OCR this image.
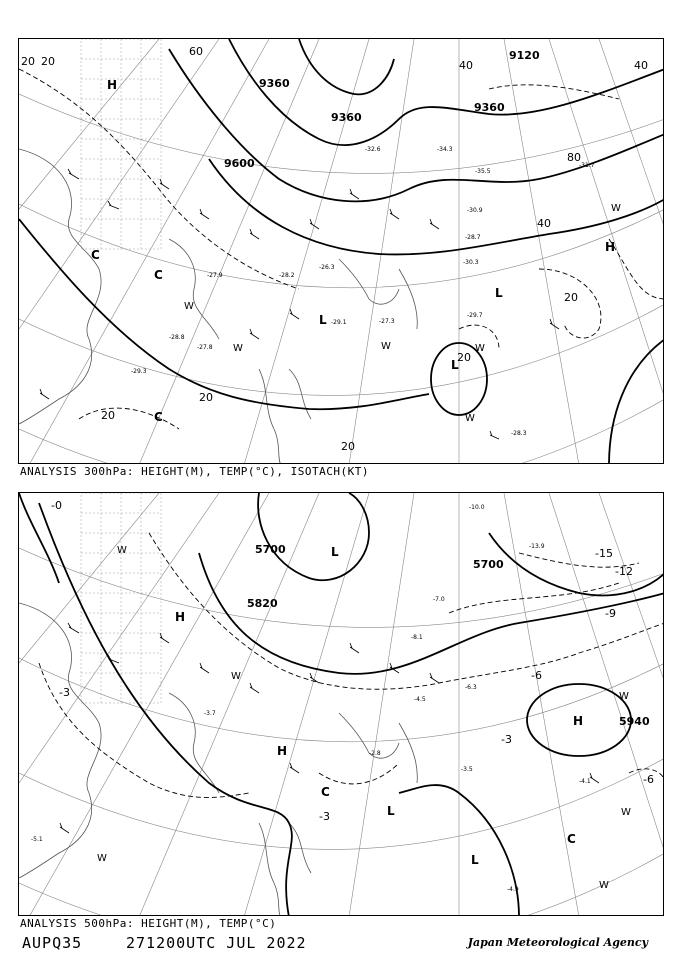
9360
9120
9360
9360
9600
20 20	40	40
60
80
40
20
20
20
20
20
-27.9
-26.3
-29.1	-27.3
-30.3
-28.7
-29.7
-28.3
-27.8
-28.8
-29.3
-30.9
-34.3
-35.5
-32.6
-28.2
-31.7
H
H
L
L
L
C
C
C
W
W	W	W
W
W
ANALYSIS 300hPa: HEIGHT(M), TEMP(°C), ISOTACH(KT)
5700
5700
5820
5940
-15
-12
-9
-6
-6
-3
-3
-3
-0
-3.5
-4.1
-4.9
-5.1
-2.8
-4.5
-10.0
-13.9
-6.3
-8.1
-7.0
-3.7
H
H
H
L
L
L
C
C
W
W
W
W
W
W
ANALYSIS 500hPa: HEIGHT(M), TEMP(°C)
AUPQ35	271200UTC JUL 2022	Japan Meteorological Agency
